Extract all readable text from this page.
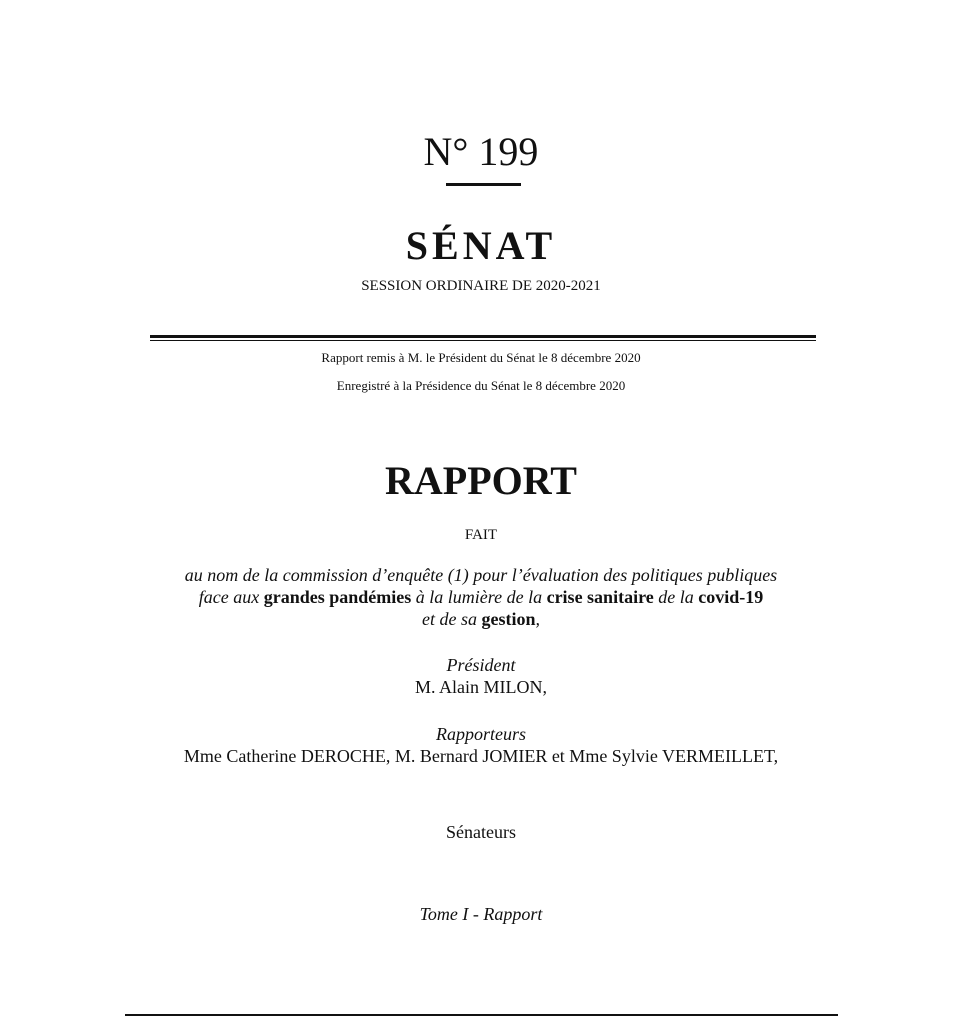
N° 199
SÉNAT
SESSION ORDINAIRE DE 2020-2021
Rapport remis à M. le Président du Sénat le 8 décembre 2020
Enregistré à la Présidence du Sénat le 8 décembre 2020
RAPPORT
FAIT
au nom de la commission d’enquête (1) pour l’évaluation des politiques publiques
face aux grandes pandémies à la lumière de la crise sanitaire de la covid-19
et de sa gestion,
Président
M. Alain MILON,
Rapporteurs
Mme Catherine DEROCHE, M. Bernard JOMIER et Mme Sylvie VERMEILLET,
Sénateurs
Tome I - Rapport
